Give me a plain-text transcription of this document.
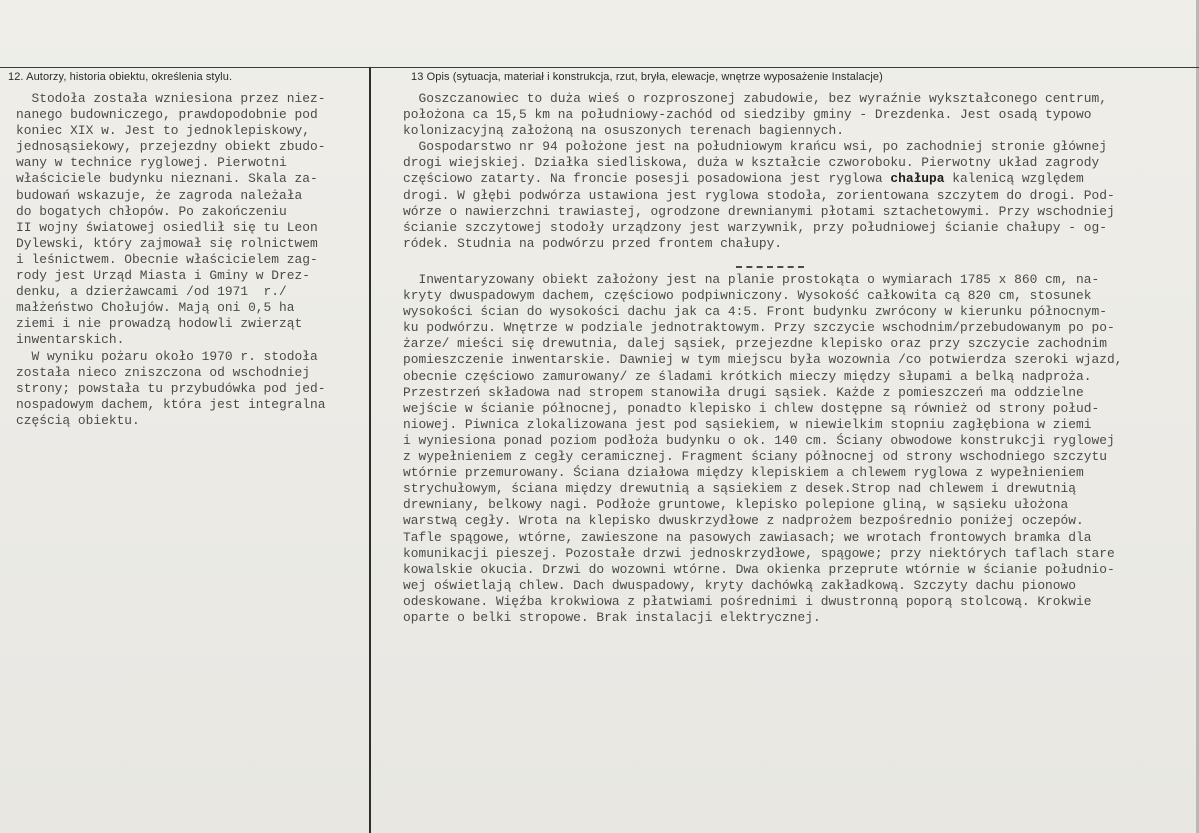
12. Autorzy, historia obiektu, określenia stylu.	13 Opis (sytuacja, materiał i konstrukcja, rzut, bryła, elewacje, wnętrze wyposażenie Instalacje)
Stodoła została wzniesiona przez niez-
nanego budowniczego, prawdopodobnie pod
koniec XIX w. Jest to jednoklepiskowy,
jednosąsiekowy, przejezdny obiekt zbudo-
wany w technice ryglowej. Pierwotni
właściciele budynku nieznani. Skala za-
budowań wskazuje, że zagroda należała
do bogatych chłopów. Po zakończeniu
II wojny światowej osiedlił się tu Leon
Dylewski, który zajmował się rolnictwem
i leśnictwem. Obecnie właścicielem zag-
rody jest Urząd Miasta i Gminy w Drez-
denku, a dzierżawcami /od 1971  r./
małżeństwo Chołujów. Mają oni 0,5 ha
ziemi i nie prowadzą hodowli zwierząt
inwentarskich.
W wyniku pożaru około 1970 r. stodoła
została nieco zniszczona od wschodniej
strony; powstała tu przybudówka pod jed-
nospadowym dachem, która jest integralna
częścią obiektu.
Goszczanowiec to duża wieś o rozproszonej zabudowie, bez wyraźnie wykształconego centrum,
położona ca 15,5 km na południowy-zachód od siedziby gminy - Drezdenka. Jest osadą typowo
kolonizacyjną założoną na osuszonych terenach bagiennych.
Gospodarstwo nr 94 położone jest na południowym krańcu wsi, po zachodniej stronie głównej
drogi wiejskiej. Działka siedliskowa, duża w kształcie czworoboku. Pierwotny układ zagrody
częściowo zatarty. Na froncie posesji posadowiona jest ryglowa chałupa kalenicą względem
drogi. W głębi podwórza ustawiona jest ryglowa stodoła, zorientowana szczytem do drogi. Pod-
wórze o nawierzchni trawiastej, ogrodzone drewnianymi płotami sztachetowymi. Przy wschodniej
ścianie szczytowej stodoły urządzony jest warzywnik, przy południowej ścianie chałupy - og-
ródek. Studnia na podwórzu przed frontem chałupy.
Inwentaryzowany obiekt założony jest na planie prostokąta o wymiarach 1785 x 860 cm, na-
kryty dwuspadowym dachem, częściowo podpiwniczony. Wysokość całkowita cą 820 cm, stosunek
wysokości ścian do wysokości dachu jak ca 4:5. Front budynku zwrócony w kierunku północnym-
ku podwórzu. Wnętrze w podziale jednotraktowym. Przy szczycie wschodnim/przebudowanym po po-
żarze/ mieści się drewutnia, dalej sąsiek, przejezdne klepisko oraz przy szczycie zachodnim
pomieszczenie inwentarskie. Dawniej w tym miejscu była wozownia /co potwierdza szeroki wjazd,
obecnie częściowo zamurowany/ ze śladami krótkich mieczy między słupami a belką nadproża.
Przestrzeń składowa nad stropem stanowiła drugi sąsiek. Każde z pomieszczeń ma oddzielne
wejście w ścianie północnej, ponadto klepisko i chlew dostępne są również od strony połud-
niowej. Piwnica zlokalizowana jest pod sąsiekiem, w niewielkim stopniu zagłębiona w ziemi
i wyniesiona ponad poziom podłoża budynku o ok. 140 cm. Ściany obwodowe konstrukcji ryglowej
z wypełnieniem z cegły ceramicznej. Fragment ściany północnej od strony wschodniego szczytu
wtórnie przemurowany. Ściana działowa między klepiskiem a chlewem ryglowa z wypełnieniem
strychułowym, ściana między drewutnią a sąsiekiem z desek.Strop nad chlewem i drewutnią
drewniany, belkowy nagi. Podłoże gruntowe, klepisko polepione gliną, w sąsieku ułożona
warstwą cegły. Wrota na klepisko dwuskrzydłowe z nadprożem bezpośrednio poniżej oczepów.
Tafle spągowe, wtórne, zawieszone na pasowych zawiasach; we wrotach frontowych bramka dla
komunikacji pieszej. Pozostałe drzwi jednoskrzydłowe, spągowe; przy niektórych taflach stare
kowalskie okucia. Drzwi do wozowni wtórne. Dwa okienka przeprute wtórnie w ścianie południo-
wej oświetlają chlew. Dach dwuspadowy, kryty dachówką zakładkową. Szczyty dachu pionowo
odeskowane. Więźba krokwiowa z płatwiami pośrednimi i dwustronną poporą stolcową. Krokwie
oparte o belki stropowe. Brak instalacji elektrycznej.
